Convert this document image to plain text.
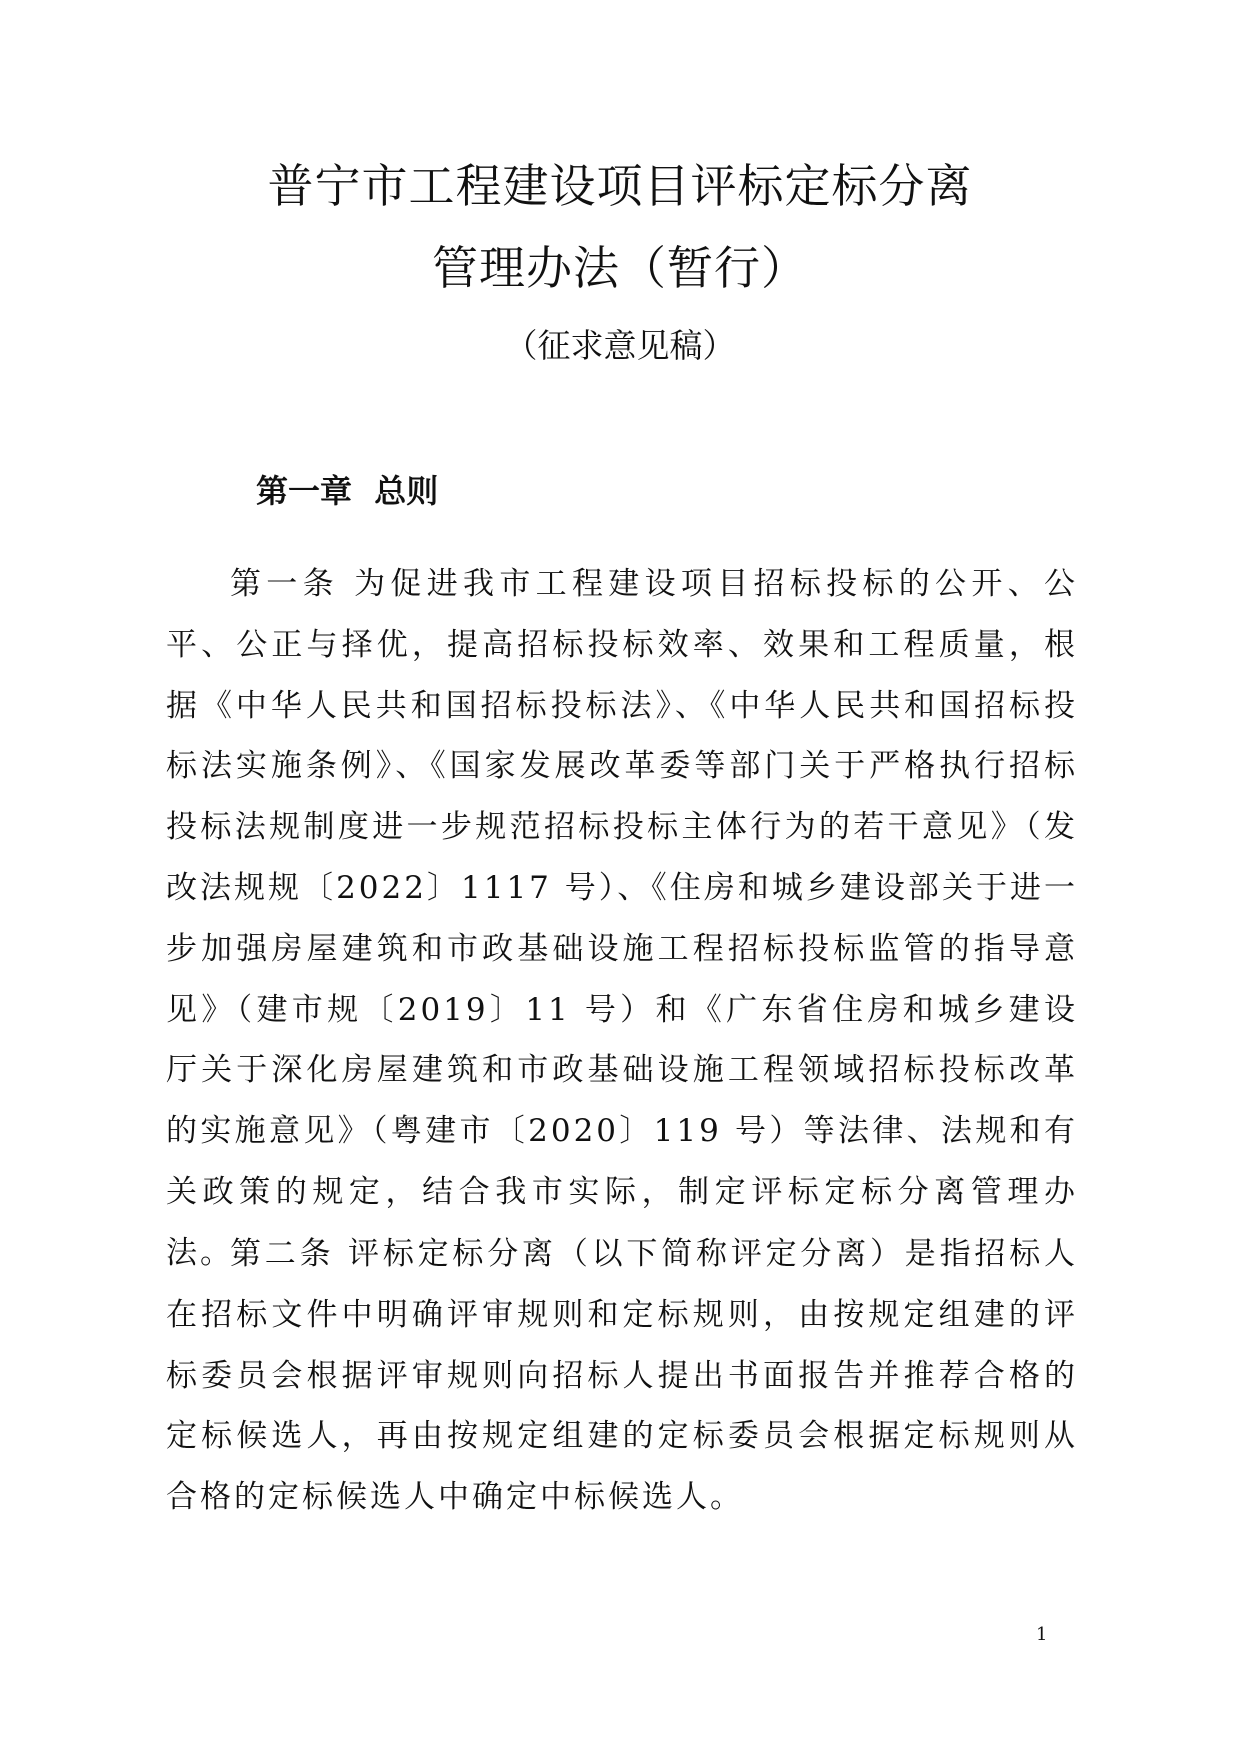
普宁市工程建设项目评标定标分离
管理办法（暂行）
（征求意见稿）
第一章  总则

第一条 为促进我市工程建设项目招标投标的公开、公平、公正与择优，提高招标投标效率、效果和工程质量，根据《中华人民共和国招标投标法》、《中华人民共和国招标投标法实施条例》、《国家发展改革委等部门关于严格执行招标投标法规制度进一步规范招标投标主体行为的若干意见》（发改法规规〔2022〕1117 号）、《住房和城乡建设部关于进一步加强房屋建筑和市政基础设施工程招标投标监管的指导意见》（建市规〔2019〕11 号）和《广东省住房和城乡建设厅关于深化房屋建筑和市政基础设施工程领域招标投标改革的实施意见》（粤建市〔2020〕119 号）等法律、法规和有关政策的规定，结合我市实际，制定评标定标分离管理办法。

第二条 评标定标分离（以下简称评定分离）是指招标人在招标文件中明确评审规则和定标规则，由按规定组建的评标委员会根据评审规则向招标人提出书面报告并推荐合格的定标候选人，再由按规定组建的定标委员会根据定标规则从合格的定标候选人中确定中标候选人。

1
